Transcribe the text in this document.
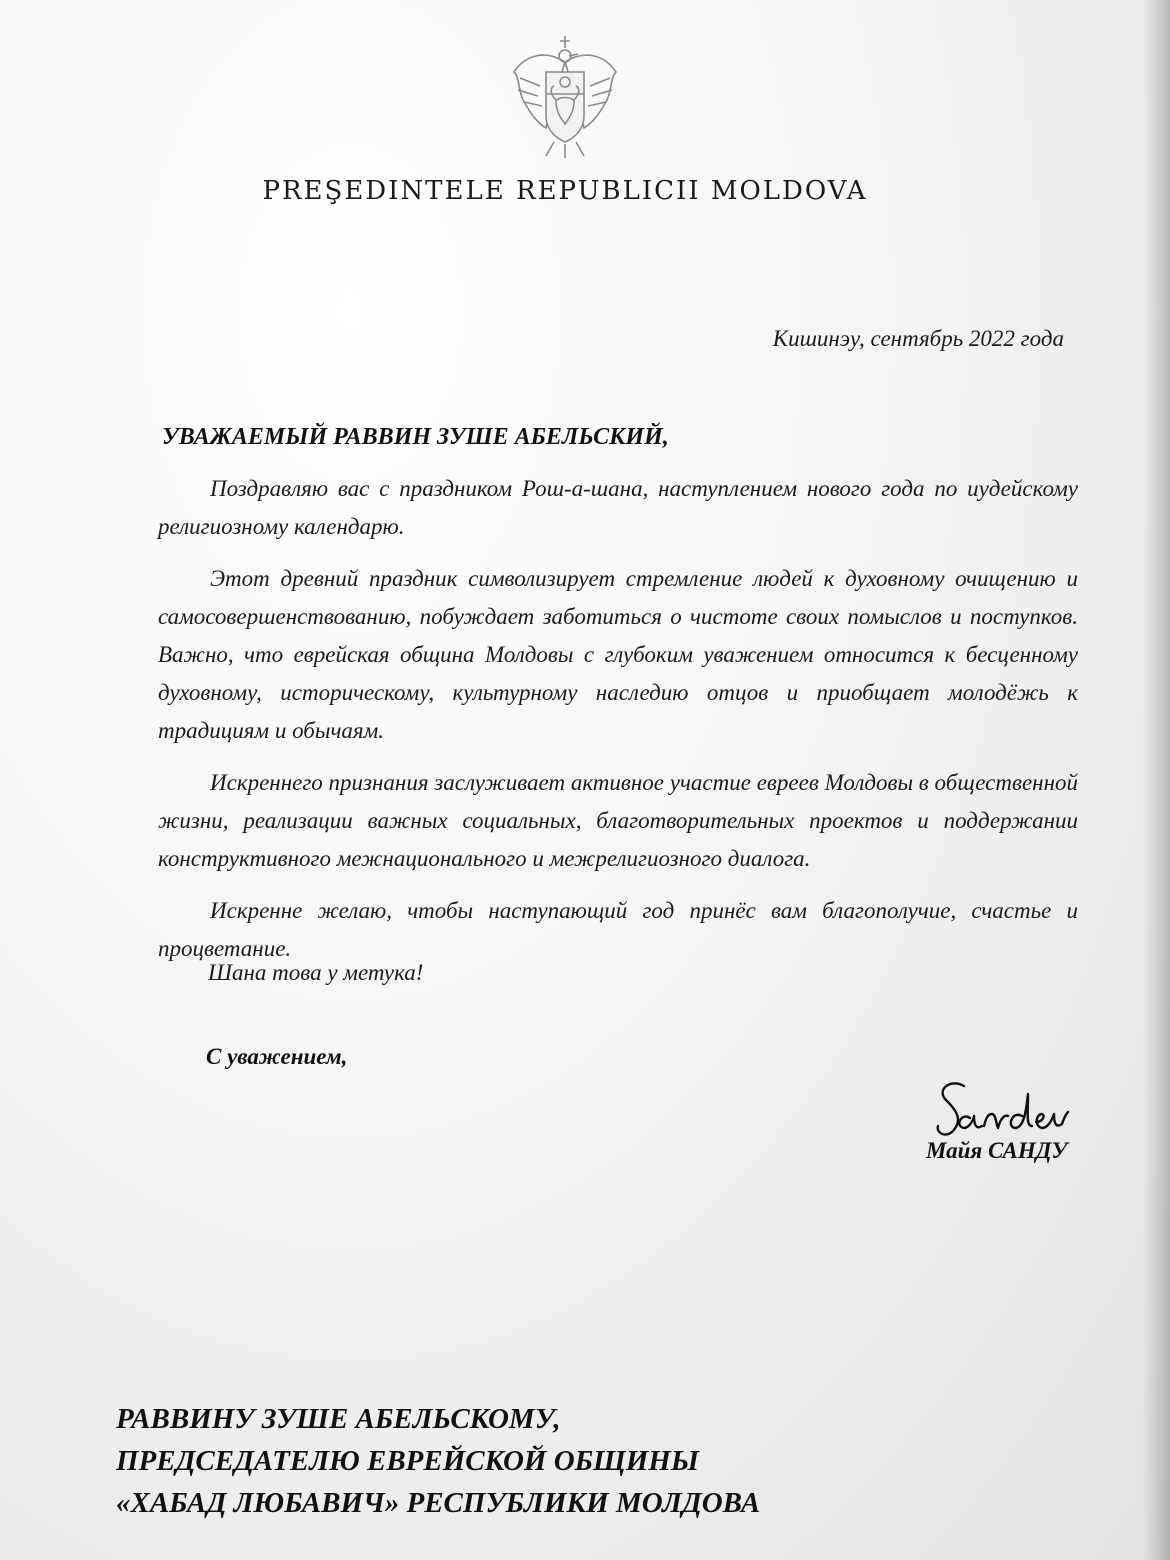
PREŞEDINTELE REPUBLICII MOLDOVA
Кишинэу, сентябрь 2022 года
УВАЖАЕМЫЙ РАВВИН ЗУШЕ АБЕЛЬСКИЙ,

Поздравляю вас с праздником Рош-а-шана, наступлением нового года по иудейскому религиозному календарю.

Этот древний праздник символизирует стремление людей к духовному очищению и самосовершенствованию, побуждает заботиться о чистоте своих помыслов и поступков. Важно, что еврейская община Молдовы с глубоким уважением относится к бесценному духовному, историческому, культурному наследию отцов и приобщает молодёжь к традициям и обычаям.

Искреннего признания заслуживает активное участие евреев Молдовы в общественной жизни, реализации важных социальных, благотворительных проектов и поддержании конструктивного межнационального и межрелигиозного диалога.

Искренне желаю, чтобы наступающий год принёс вам благополучие, счастье и процветание.

Шана това у метука!
С уважением,
Майя САНДУ
РАВВИНУ ЗУШЕ АБЕЛЬСКОМУ,
ПРЕДСЕДАТЕЛЮ ЕВРЕЙСКОЙ ОБЩИНЫ
«ХАБАД ЛЮБАВИЧ» РЕСПУБЛИКИ МОЛДОВА
